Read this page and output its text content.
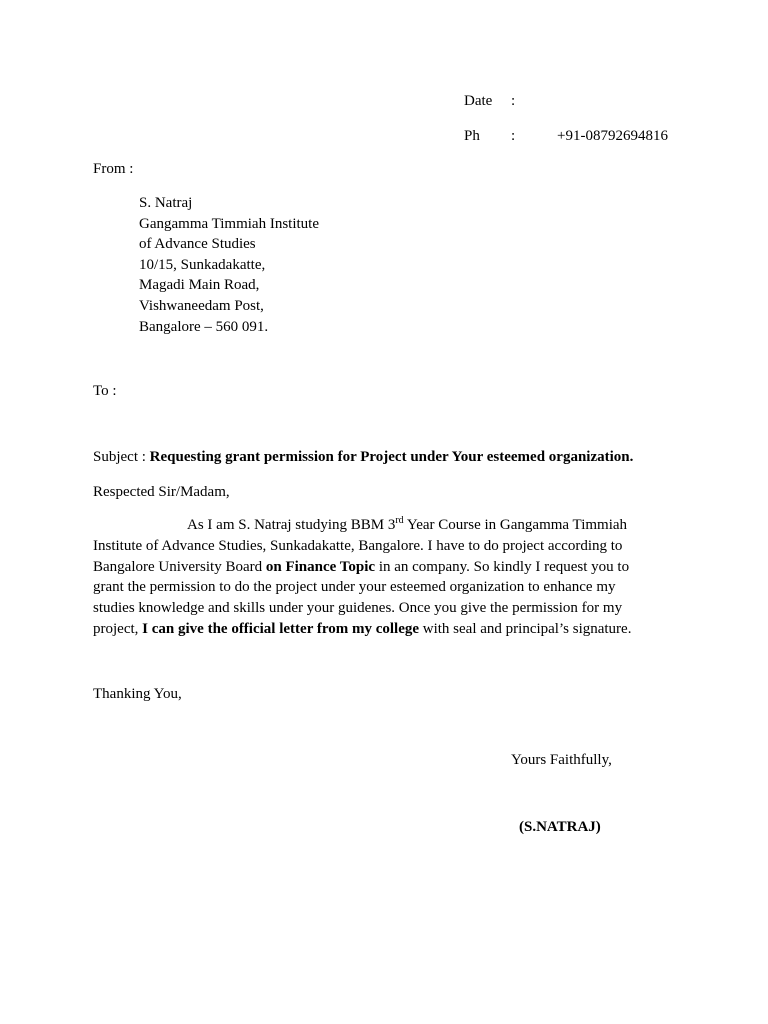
Date :
Ph :	+91-08792694816
From :
S. Natraj
Gangamma Timmiah Institute
of Advance Studies
10/15, Sunkadakatte,
Magadi Main Road,
Vishwaneedam Post,
Bangalore – 560 091.
To :
Subject : Requesting grant permission for Project under Your esteemed organization.
Respected Sir/Madam,
As I am S. Natraj studying BBM 3rd Year Course in Gangamma Timmiah
Institute of Advance Studies, Sunkadakatte, Bangalore. I have to do project according to
Bangalore University Board on Finance Topic in an company. So kindly I request you to
grant the permission to do the project under your esteemed organization to enhance my
studies knowledge and skills under your guidenes. Once you give the permission for my
project, I can give the official letter from my college with seal and principal’s signature.
Thanking You,
Yours Faithfully,
(S.NATRAJ)
